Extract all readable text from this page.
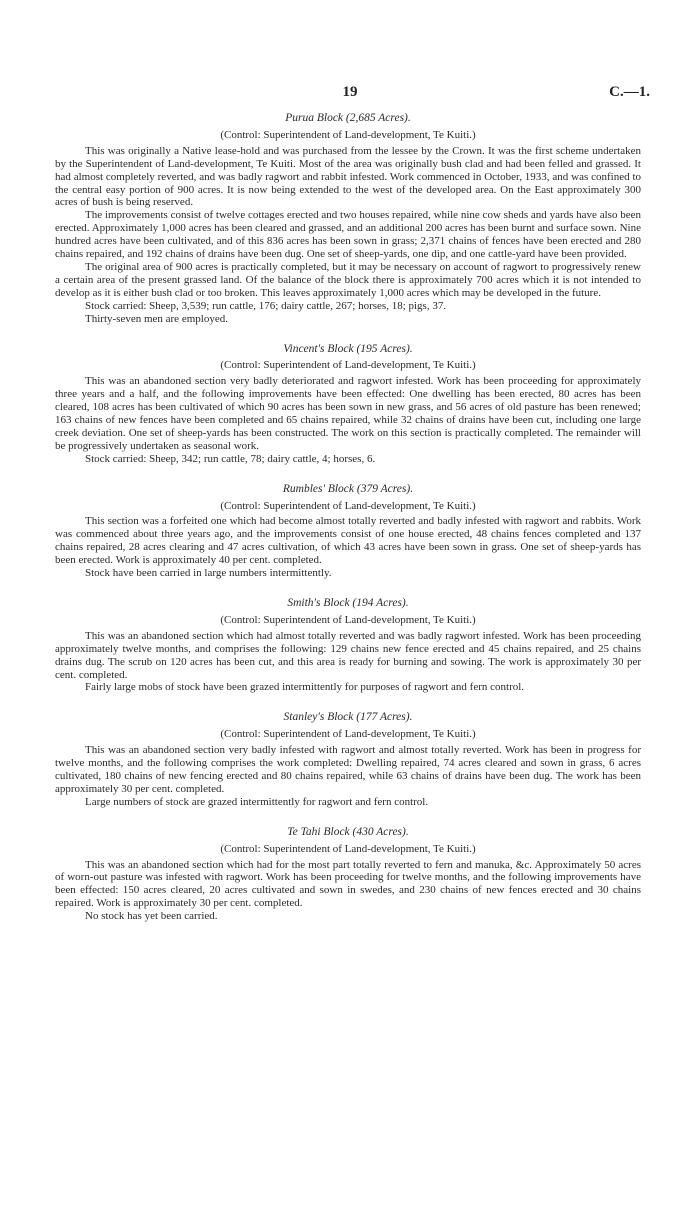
19	C.—1.
Purua Block (2,685 Acres).
(Control: Superintendent of Land-development, Te Kuiti.)

This was originally a Native lease-hold and was purchased from the lessee by the Crown. It was the first scheme undertaken by the Superintendent of Land-development, Te Kuiti. Most of the area was originally bush clad and had been felled and grassed. It had almost completely reverted, and was badly ragwort and rabbit infested. Work commenced in October, 1933, and was confined to the central easy portion of 900 acres. It is now being extended to the west of the developed area. On the East approximately 300 acres of bush is being reserved.

The improvements consist of twelve cottages erected and two houses repaired, while nine cow sheds and yards have also been erected. Approximately 1,000 acres has been cleared and grassed, and an additional 200 acres has been burnt and surface sown. Nine hundred acres have been cultivated, and of this 836 acres has been sown in grass; 2,371 chains of fences have been erected and 280 chains repaired, and 192 chains of drains have been dug. One set of sheep-yards, one dip, and one cattle-yard have been provided.

The original area of 900 acres is practically completed, but it may be necessary on account of ragwort to progressively renew a certain area of the present grassed land. Of the balance of the block there is approximately 700 acres which it is not intended to develop as it is either bush clad or too broken. This leaves approximately 1,000 acres which may be developed in the future.

Stock carried: Sheep, 3,539; run cattle, 176; dairy cattle, 267; horses, 18; pigs, 37.

Thirty-seven men are employed.

Vincent's Block (195 Acres).
(Control: Superintendent of Land-development, Te Kuiti.)

This was an abandoned section very badly deteriorated and ragwort infested. Work has been proceeding for approximately three years and a half, and the following improvements have been effected: One dwelling has been erected, 80 acres has been cleared, 108 acres has been cultivated of which 90 acres has been sown in new grass, and 56 acres of old pasture has been renewed; 163 chains of new fences have been completed and 65 chains repaired, while 32 chains of drains have been cut, including one large creek deviation. One set of sheep-yards has been constructed. The work on this section is practically completed. The remainder will be progressively undertaken as seasonal work.

Stock carried: Sheep, 342; run cattle, 78; dairy cattle, 4; horses, 6.

Rumbles' Block (379 Acres).
(Control: Superintendent of Land-development, Te Kuiti.)

This section was a forfeited one which had become almost totally reverted and badly infested with ragwort and rabbits. Work was commenced about three years ago, and the improvements consist of one house erected, 48 chains fences completed and 137 chains repaired, 28 acres clearing and 47 acres cultivation, of which 43 acres have been sown in grass. One set of sheep-yards has been erected. Work is approximately 40 per cent. completed.

Stock have been carried in large numbers intermittently.

Smith's Block (194 Acres).
(Control: Superintendent of Land-development, Te Kuiti.)

This was an abandoned section which had almost totally reverted and was badly ragwort infested. Work has been proceeding approximately twelve months, and comprises the following: 129 chains new fence erected and 45 chains repaired, and 25 chains drains dug. The scrub on 120 acres has been cut, and this area is ready for burning and sowing. The work is approximately 30 per cent. completed.

Fairly large mobs of stock have been grazed intermittently for purposes of ragwort and fern control.

Stanley's Block (177 Acres).
(Control: Superintendent of Land-development, Te Kuiti.)

This was an abandoned section very badly infested with ragwort and almost totally reverted. Work has been in progress for twelve months, and the following comprises the work completed: Dwelling repaired, 74 acres cleared and sown in grass, 6 acres cultivated, 180 chains of new fencing erected and 80 chains repaired, while 63 chains of drains have been dug. The work has been approximately 30 per cent. completed.

Large numbers of stock are grazed intermittently for ragwort and fern control.

Te Tahi Block (430 Acres).
(Control: Superintendent of Land-development, Te Kuiti.)

This was an abandoned section which had for the most part totally reverted to fern and manuka, &c. Approximately 50 acres of worn-out pasture was infested with ragwort. Work has been proceeding for twelve months, and the following improvements have been effected: 150 acres cleared, 20 acres cultivated and sown in swedes, and 230 chains of new fences erected and 30 chains repaired. Work is approximately 30 per cent. completed.

No stock has yet been carried.
